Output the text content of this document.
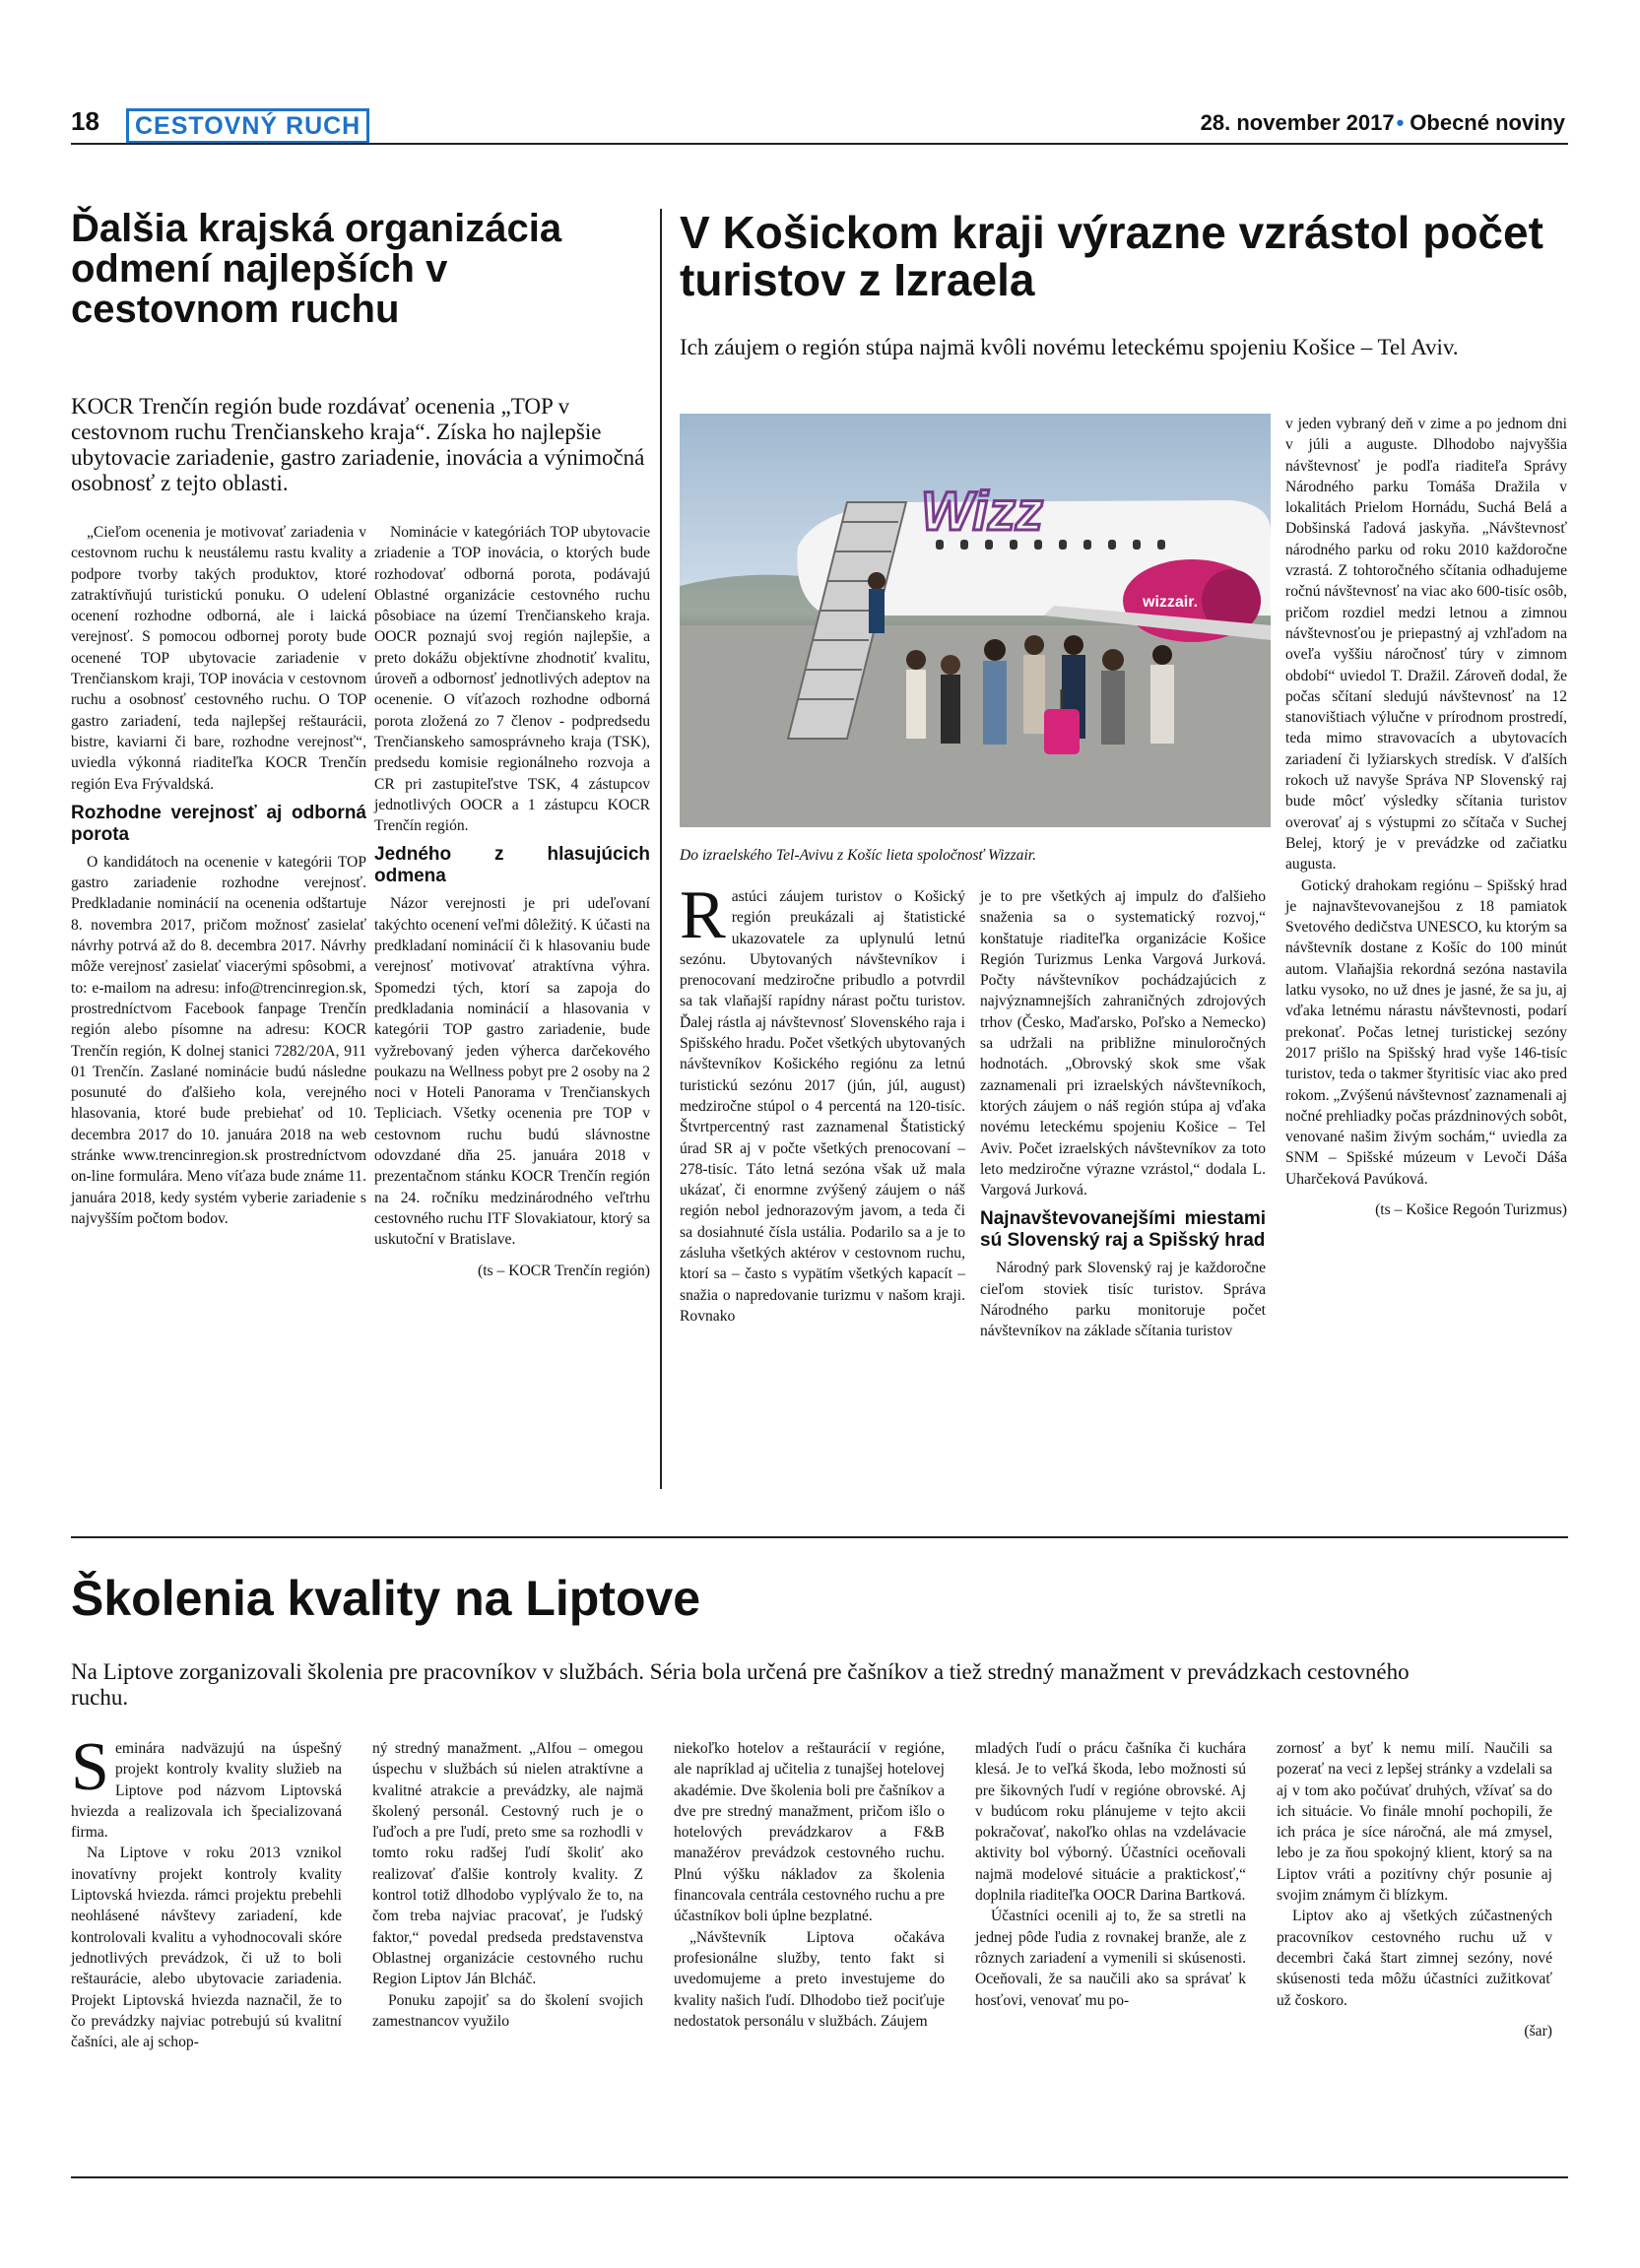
18	CESTOVNÝ RUCH	28. november 2017• Obecné noviny
Ďalšia krajská organizácia odmení najlepších v cestovnom ruchu
KOCR Trenčín región bude rozdávať ocenenia „TOP v cestovnom ruchu Trenčianskeho kraja“. Získa ho najlepšie ubytovacie zariadenie, gastro zariadenie, inovácia a výnimočná osobnosť z tejto oblasti.

„Cieľom ocenenia je motivovať zariadenia v cestovnom ruchu k neustálemu rastu kvality a podpore tvorby takých produktov, ktoré zatraktívňujú turistickú ponuku. O udelení ocenení rozhodne odborná, ale i laická verejnosť. S pomocou odbornej poroty bude ocenené TOP ubytovacie zariadenie v Trenčianskom kraji, TOP inovácia v cestovnom ruchu a osobnosť cestovného ruchu. O TOP gastro zariadení, teda najlepšej reštaurácii, bistre, kaviarni či bare, rozhodne verejnosť“, uviedla výkonná riaditeľka KOCR Trenčín región Eva Frývaldská.

Rozhodne verejnosť aj odborná porota

O kandidátoch na ocenenie v kategórii TOP gastro zariadenie rozhodne verejnosť. Predkladanie nominácií na ocenenia odštartuje 8. novembra 2017, pričom možnosť zasielať návrhy potrvá až do 8. decembra 2017. Návrhy môže verejnosť zasielať viacerými spôsobmi, a to: e-mailom na adresu: info@trencinregion.sk, prostredníctvom Facebook fanpage Trenčín región alebo písomne na adresu: KOCR Trenčín región, K dolnej stanici 7282/20A, 911 01 Trenčín. Zaslané nominácie budú následne posunuté do ďalšieho kola, verejného hlasovania, ktoré bude prebiehať od 10. decembra 2017 do 10. januára 2018 na web stránke www.trencinregion.sk prostredníctvom on-line formulára. Meno víťaza bude známe 11. januára 2018, kedy systém vyberie zariadenie s najvyšším počtom bodov.

Nominácie v kategóriách TOP ubytovacie zriadenie a TOP inovácia, o ktorých bude rozhodovať odborná porota, podávajú Oblastné organizácie cestovného ruchu pôsobiace na území Trenčianskeho kraja. OOCR poznajú svoj región najlepšie, a preto dokážu objektívne zhodnotiť kvalitu, úroveň a odbornosť jednotlivých adeptov na ocenenie. O víťazoch rozhodne odborná porota zložená zo 7 členov - podpredsedu Trenčianskeho samosprávneho kraja (TSK), predsedu komisie regionálneho rozvoja a CR pri zastupiteľstve TSK, 4 zástupcov jednotlivých OOCR a 1 zástupcu KOCR Trenčín región.

Jedného z hlasujúcich odmena

Názor verejnosti je pri udeľovaní takýchto ocenení veľmi dôležitý. K účasti na predkladaní nominácií či k hlasovaniu bude verejnosť motivovať atraktívna výhra. Spomedzi tých, ktorí sa zapoja do predkladania nominácií a hlasovania v kategórii TOP gastro zariadenie, bude vyžrebovaný jeden výherca darčekového poukazu na Wellness pobyt pre 2 osoby na 2 noci v Hoteli Panorama v Trenčianskych Tepliciach. Všetky ocenenia pre TOP v cestovnom ruchu budú slávnostne odovzdané dňa 25. januára 2018 v prezentačnom stánku KOCR Trenčín región na 24. ročníku medzinárodného veľtrhu cestovného ruchu ITF Slovakiatour, ktorý sa uskutoční v Bratislave.

(ts – KOCR Trenčín región)

V Košickom kraji výrazne vzrástol počet turistov z Izraela
Ich záujem o región stúpa najmä kvôli novému leteckému spojeniu Košice – Tel Aviv.
Wizz
wizzair.
Do izraelského Tel-Avivu z Košíc lieta spoločnosť Wizzair.

Rastúci záujem turistov o Košický región preukázali aj štatistické ukazovatele za uplynulú letnú sezónu. Ubytovaných návštevníkov i prenocovaní medziročne pribudlo a potvrdil sa tak vlaňajší rapídny nárast počtu turistov. Ďalej rástla aj návštevnosť Slovenského raja i Spišského hradu. Počet všetkých ubytovaných návštevníkov Košického regiónu za letnú turistickú sezónu 2017 (jún, júl, august) medziročne stúpol o 4 percentá na 120-tisíc. Štvrtpercentný rast zaznamenal Štatistický úrad SR aj v počte všetkých prenocovaní – 278-tisíc. Táto letná sezóna však už mala ukázať, či enormne zvýšený záujem o náš región nebol jednorazovým javom, a teda či sa dosiahnuté čísla ustália. Podarilo sa a je to zásluha všetkých aktérov v cestovnom ruchu, ktorí sa – často s vypätím všetkých kapacít – snažia o napredovanie turizmu v našom kraji. Rovnako

je to pre všetkých aj impulz do ďalšieho snaženia sa o systematický rozvoj,“ konštatuje riaditeľka organizácie Košice Región Turizmus Lenka Vargová Jurková. Počty návštevníkov pochádzajúcich z najvýznamnejších zahraničných zdrojových trhov (Česko, Maďarsko, Poľsko a Nemecko) sa udržali na približne minuloročných hodnotách. „Obrovský skok sme však zaznamenali pri izraelských návštevníkoch, ktorých záujem o náš región stúpa aj vďaka novému leteckému spojeniu Košice – Tel Aviv. Počet izraelských návštevníkov za toto leto medziročne výrazne vzrástol,“ dodala L. Vargová Jurková.

Najnavštevovanejšími miestami sú Slovenský raj a Spišský hrad

Národný park Slovenský raj je každoročne cieľom stoviek tisíc turistov. Správa Národného parku monitoruje počet návštevníkov na základe sčítania turistov

v jeden vybraný deň v zime a po jednom dni v júli a auguste. Dlhodobo najvyššia návštevnosť je podľa riaditeľa Správy Národného parku Tomáša Dražila v lokalitách Prielom Hornádu, Suchá Belá a Dobšinská ľadová jaskyňa. „Návštevnosť národného parku od roku 2010 každoročne vzrastá. Z tohtoročného sčítania odhadujeme ročnú návštevnosť na viac ako 600-tisíc osôb, pričom rozdiel medzi letnou a zimnou návštevnosťou je priepastný aj vzhľadom na oveľa vyššiu náročnosť túry v zimnom období“ uviedol T. Dražil. Zároveň dodal, že počas sčítaní sledujú návštevnosť na 12 stanovištiach výlučne v prírodnom prostredí, teda mimo stravovacích a ubytovacích zariadení či lyžiarskych stredísk. V ďalších rokoch už navyše Správa NP Slovenský raj bude môcť výsledky sčítania turistov overovať aj s výstupmi zo sčítača v Suchej Belej, ktorý je v prevádzke od začiatku augusta.

Gotický drahokam regiónu – Spišský hrad je najnavštevovanejšou z 18 pamiatok Svetového dedičstva UNESCO, ku ktorým sa návštevník dostane z Košíc do 100 minút autom. Vlaňajšia rekordná sezóna nastavila latku vysoko, no už dnes je jasné, že sa ju, aj vďaka letnému nárastu návštevnosti, podarí prekonať. Počas letnej turistickej sezóny 2017 prišlo na Spišský hrad vyše 146-tisíc turistov, teda o takmer štyritisíc viac ako pred rokom. „Zvýšenú návštevnosť zaznamenali aj nočné prehliadky počas prázdninových sobôt, venované našim živým sochám,“ uviedla za SNM – Spišské múzeum v Levoči Dáša Uharčeková Pavúková.

(ts – Košice Regoón Turizmus)

Školenia kvality na Liptove
Na Liptove zorganizovali školenia pre pracovníkov v službách. Séria bola určená pre čašníkov a tiež stredný manažment v prevádzkach cestovného ruchu.

Seminára nadväzujú na úspešný projekt kontroly kvality služieb na Liptove pod názvom Liptovská hviezda a realizovala ich špecializovaná firma.

Na Liptove v roku 2013 vznikol inovatívny projekt kontroly kvality Liptovská hviezda. rámci projektu prebehli neohlásené návštevy zariadení, kde kontrolovali kvalitu a vyhodnocovali skóre jednotlivých prevádzok, či už to boli reštaurácie, alebo ubytovacie zariadenia. Projekt Liptovská hviezda naznačil, že to čo prevádzky najviac potrebujú sú kvalitní čašníci, ale aj schop-

ný stredný manažment. „Alfou – omegou úspechu v službách sú nielen atraktívne a kvalitné atrakcie a prevádzky, ale najmä školený personál. Cestovný ruch je o ľuďoch a pre ľudí, preto sme sa rozhodli v tomto roku radšej ľudí školiť ako realizovať ďalšie kontroly kvality. Z kontrol totiž dlhodobo vyplývalo že to, na čom treba najviac pracovať, je ľudský faktor,“ povedal predseda predstavenstva Oblastnej organizácie cestovného ruchu Region Liptov Ján Blcháč.

Ponuku zapojiť sa do školení svojich zamestnancov využilo

niekoľko hotelov a reštaurácií v regióne, ale napríklad aj učitelia z tunajšej hotelovej akadémie. Dve školenia boli pre čašníkov a dve pre stredný manažment, pričom išlo o hotelových prevádzkarov a F&B manažérov prevádzok cestovného ruchu. Plnú výšku nákladov za školenia financovala centrála cestovného ruchu a pre účastníkov boli úplne bezplatné.

„Návštevník Liptova očakáva profesionálne služby, tento fakt si uvedomujeme a preto investujeme do kvality našich ľudí. Dlhodobo tiež pociťuje nedostatok personálu v službách. Záujem

mladých ľudí o prácu čašníka či kuchára klesá. Je to veľká škoda, lebo možnosti sú pre šikovných ľudí v regióne obrovské. Aj v budúcom roku plánujeme v tejto akcii pokračovať, nakoľko ohlas na vzdelávacie aktivity bol výborný. Účastníci oceňovali najmä modelové situácie a praktickosť,“ doplnila riaditeľka OOCR Darina Bartková.

Účastníci ocenili aj to, že sa stretli na jednej pôde ľudia z rovnakej branže, ale z rôznych zariadení a vymenili si skúsenosti. Oceňovali, že sa naučili ako sa správať k hosťovi, venovať mu po-

zornosť a byť k nemu milí. Naučili sa pozerať na veci z lepšej stránky a vzdelali sa aj v tom ako počúvať druhých, vžívať sa do ich situácie. Vo finále mnohí pochopili, že ich práca je síce náročná, ale má zmysel, lebo je za ňou spokojný klient, ktorý sa na Liptov vráti a pozitívny chýr posunie aj svojim známym či blízkym.

Liptov ako aj všetkých zúčastnených pracovníkov cestovného ruchu už v decembri čaká štart zimnej sezóny, nové skúsenosti teda môžu účastníci zužitkovať už čoskoro.

(šar)
